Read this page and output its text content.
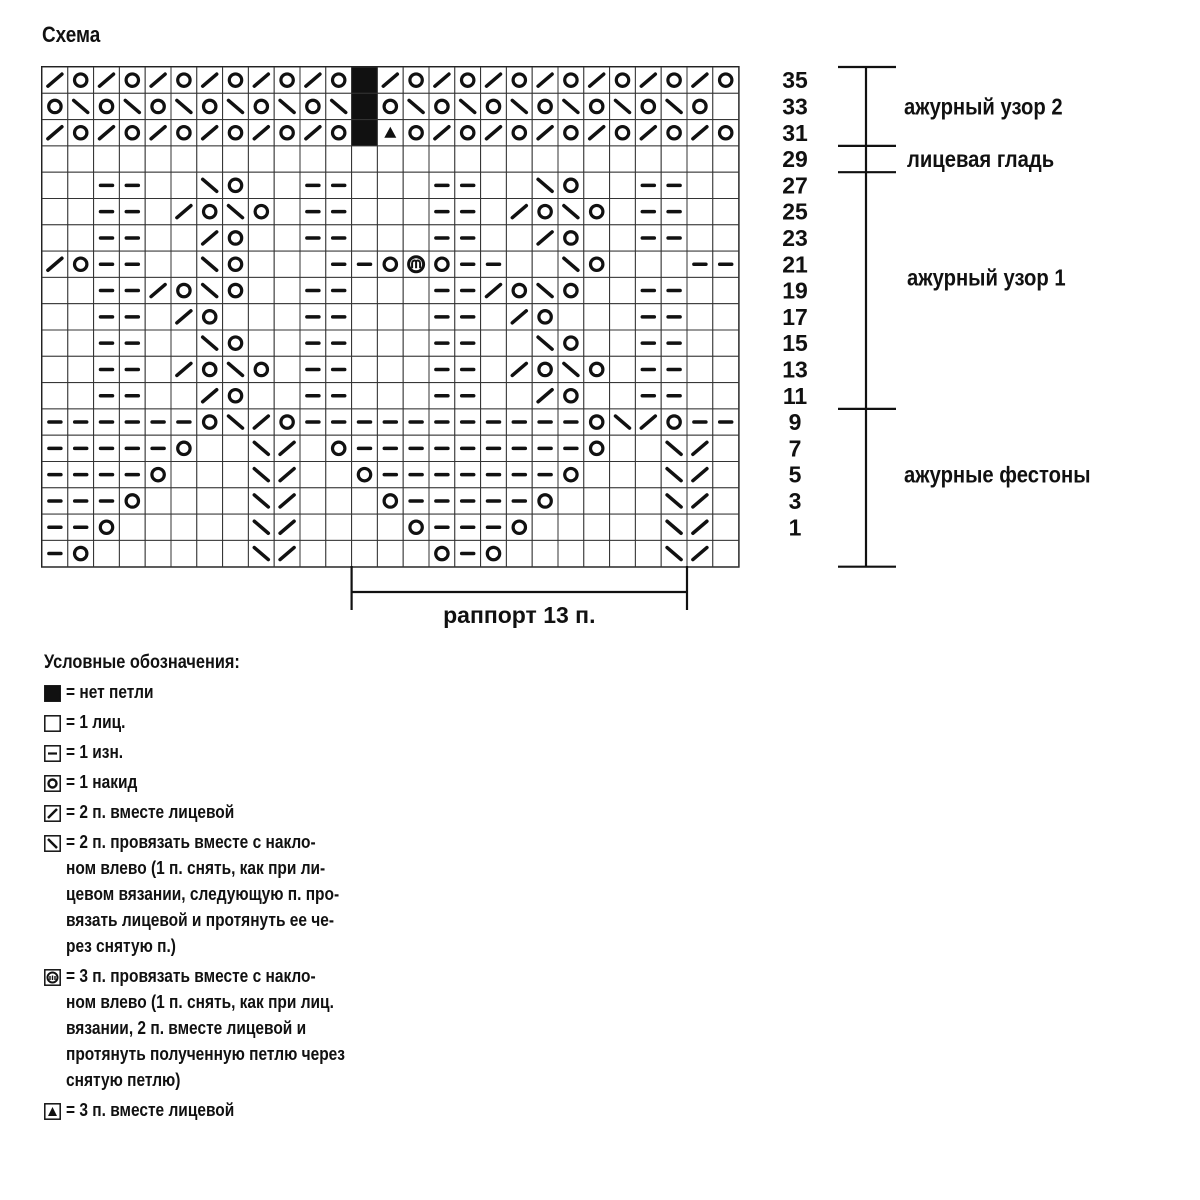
Схема
35
33
31
29
27
25
23
21
19
17
15
13
11
9
7
5
3
1
ажурный узор 2
лицевая гладь
ажурный узор 1
ажурные фестоны
раппорт 13 п.
Условные обозначения:
= нет петли
= 1 лиц.
= 1 изн.
= 1 накид
= 2 п. вместе лицевой
= 2 п. провязать вместе с накло-
ном влево (1 п. снять, как при ли-
цевом вязании, следующую п. про-
вязать лицевой и протянуть ее че-
рез снятую п.)
= 3 п. провязать вместе с накло-
ном влево (1 п. снять, как при лиц.
вязании, 2 п. вместе лицевой и
протянуть полученную петлю через
снятую петлю)
= 3 п. вместе лицевой
